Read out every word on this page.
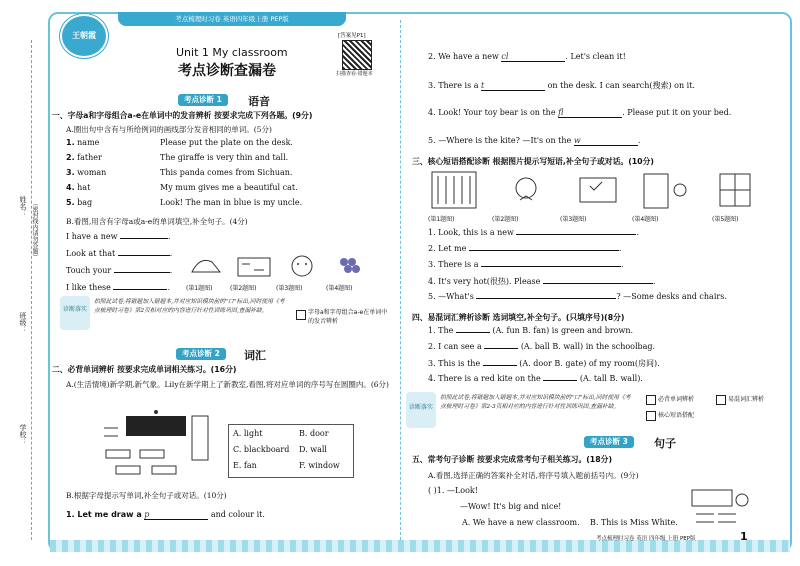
姓名： （密封线内请勿答题）
班级：
学校：
考点梳理时习卷 英语四年级上册 PEP版
王朝霞
Unit 1 My classroom
考点诊断查漏卷
[答案见P1]
扫描查看·错题本
考点诊断 1	语音
一、字母a和字母组合a-e在单词中的发音辨析 按要求完成下列各题。(9分)
A.圈出句中含有与所给例词的画线部分发音相同的单词。(5分)
1. name	Please put the plate on the desk.
2. father	The giraffe is very thin and tall.
3. woman	This panda comes from Sichuan.
4. hat	My mum gives me a beautiful cat.
5. bag	Look! The man in blue is my uncle.
B.看图,用含有字母a或a-e的单词填空,补全句子。(4分)
I have a new	.
Look at that	.
Touch your	.
I like these	.	(第1题图)	(第2题图)	(第3题图)	(第4题图)
诊断落实
拍照此试卷,将错题加入错题本,并对应知识模块前的"口"标出,同时使用《考点梳理时习卷》第2页相对应的内容进行针对性训练巩固,查漏补缺。	字母a和字母组合a-e在单词中的发音辨析
考点诊断 2	词汇
二、必背单词辨析 按要求完成单词相关练习。(16分)
A.(生活情境)新学期,新气象。Lily在新学期上了新教室,看图,将对应单词的序号写在圆圈内。(6分)
A. light	B. door
C. blackboard D. wall
E. fan	F. window
B.根据字母提示写单词,补全句子或对话。(10分)
1. Let me draw a p	and colour it.
2. We have a new cl	. Let's clean it!
3. There is a t	on the desk. I can search(搜索) on it.
4. Look! Your toy bear is on the fl	. Please put it on your bed.
5. —Where is the kite? —It's on the w	.
三、核心短语搭配诊断 根据图片提示写短语,补全句子或对话。(10分)
(第1题图)	(第2题图)	(第3题图)	(第4题图)	(第5题图)
1. Look, this is a new	.
2. Let me	.
3. There is a	.
4. It's very hot(很热). Please	.
5. —What's	? —Some desks and chairs.
四、易混词汇辨析诊断 选词填空,补全句子。(只填序号)(8分)
1. The	(A. fun B. fan) is green and brown.
2. I can see a	(A. ball B. wall) in the schoolbag.
3. This is the	(A. door B. gate) of my room(房间).
4. There is a red kite on the	(A. tall B. wall).
诊断落实
拍照此试卷,将错题加入错题本,并对应知识模块前的"口"标出,同时使用《考点梳理时习卷》第2-3页相对应的内容进行针对性训练巩固,查漏补缺。
必背单词辨析
核心短语搭配
易混词汇辨析
考点诊断 3	句子
五、常考句子诊断 按要求完成常考句子相关练习。(18分)
A.看图,选择正确的答案补全对话,将序号填入题前括号内。(9分)
( )1. —Look!
—Wow! It's big and nice!
A. We have a new classroom. B. This is Miss White.
考点梳理时习卷 英语 四年级 上册 PEP版	1
